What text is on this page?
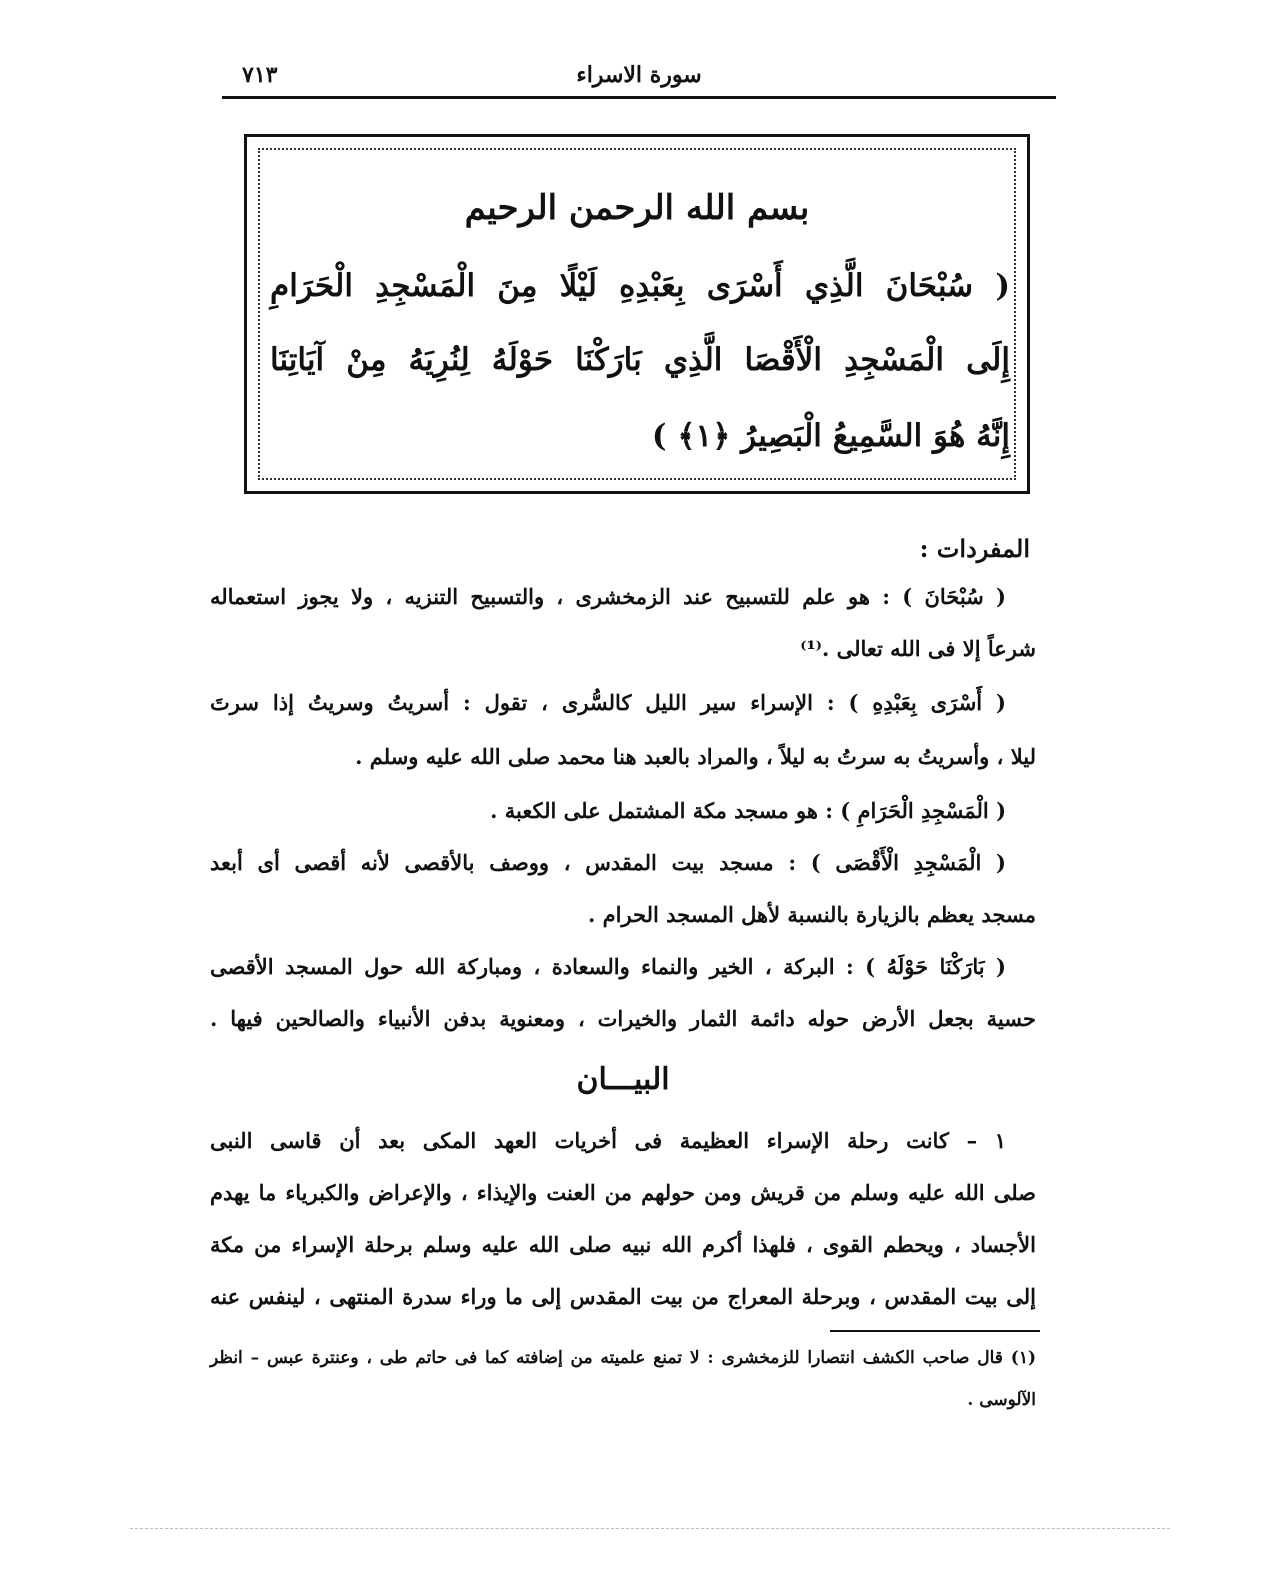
سورة الاسراء
٧١٣
بسم الله الرحمن الرحيم
( سُبْحَانَ الَّذِي أَسْرَى بِعَبْدِهِ لَيْلًا مِنَ الْمَسْجِدِ الْحَرَامِ
إِلَى الْمَسْجِدِ الْأَقْصَا الَّذِي بَارَكْنَا حَوْلَهُ لِنُرِيَهُ مِنْ آيَاتِنَا
إِنَّهُ هُوَ السَّمِيعُ الْبَصِيرُ ﴿١﴾ )
المفردات :
( سُبْحَانَ ) : هو علم للتسبيح عند الزمخشرى ، والتسبيح التنزيه ، ولا يجوز استعماله
شرعاً إلا فى الله تعالى .⁽¹⁾
( أَسْرَى بِعَبْدِهِ ) : الإسراء سير الليل كالسُّرى ، تقول : أسريتُ وسريتُ إذا سرتَ
ليلا ، وأسريتُ به سرتُ به ليلاً ، والمراد بالعبد هنا محمد صلى الله عليه وسلم .
( الْمَسْجِدِ الْحَرَامِ ) : هو مسجد مكة المشتمل على الكعبة .
( الْمَسْجِدِ الْأَقْصَى ) : مسجد بيت المقدس ، ووصف بالأقصى لأنه أقصى أى أبعد
مسجد يعظم بالزيارة بالنسبة لأهل المسجد الحرام .
( بَارَكْنَا حَوْلَهُ ) : البركة ، الخير والنماء والسعادة ، ومباركة الله حول المسجد الأقصى
حسية بجعل الأرض حوله دائمة الثمار والخيرات ، ومعنوية بدفن الأنبياء والصالحين فيها .
البيـــان
١ – كانت رحلة الإسراء العظيمة فى أخريات العهد المكى بعد أن قاسى النبى
صلى الله عليه وسلم من قريش ومن حولهم من العنت والإيذاء ، والإعراض والكبرياء ما يهدم
الأجساد ، ويحطم القوى ، فلهذا أكرم الله نبيه صلى الله عليه وسلم برحلة الإسراء من مكة
إلى بيت المقدس ، وبرحلة المعراج من بيت المقدس إلى ما وراء سدرة المنتهى ، لينفس عنه
(١) قال صاحب الكشف انتصارا للزمخشرى : لا تمنع علميته من إضافته كما فى حاتم طى ، وعنترة عبس – انظر
الآلوسى .
